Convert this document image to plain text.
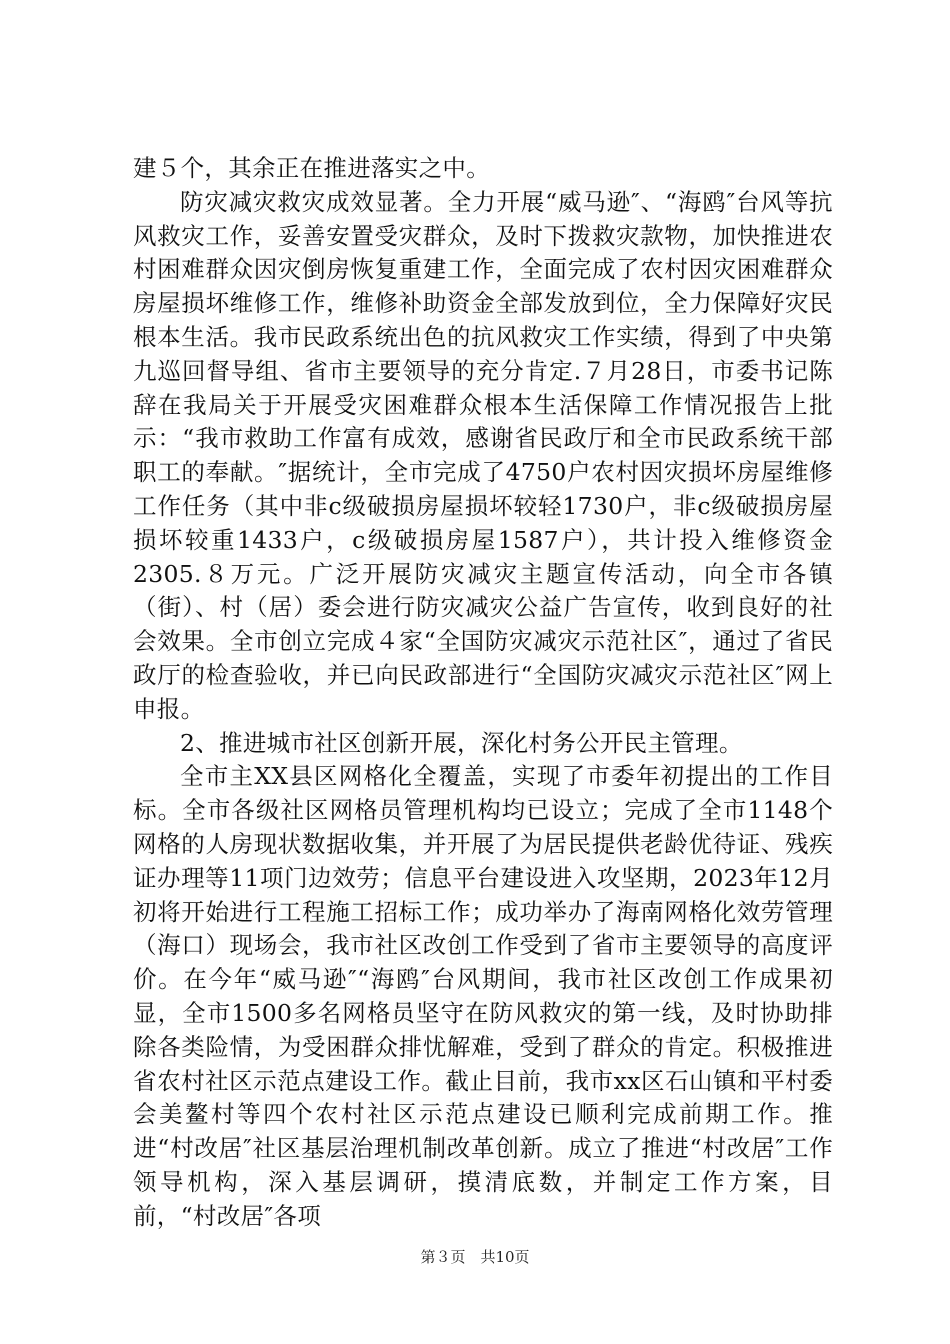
建５个，其余正在推进落实之中。

防灾减灾救灾成效显著。全力开展“威马逊″、“海鸥″台风等抗风救灾工作，妥善安置受灾群众，及时下拨救灾款物，加快推进农村困难群众因灾倒房恢复重建工作，全面完成了农村因灾困难群众房屋损坏维修工作，维修补助资金全部发放到位，全力保障好灾民根本生活。我市民政系统出色的抗风救灾工作实绩，得到了中央第九巡回督导组、省市主要领导的充分肯定.７月28日，市委书记陈辞在我局关于开展受灾困难群众根本生活保障工作情况报告上批示：“我市救助工作富有成效，感谢省民政厅和全市民政系统干部职工的奉献。″据统计，全市完成了4750户农村因灾损坏房屋维修工作任务（其中非c级破损房屋损坏较轻1730户，非c级破损房屋损坏较重1433户，c级破损房屋1587户），共计投入维修资金2305.８万元。广泛开展防灾减灾主题宣传活动，向全市各镇（街）、村（居）委会进行防灾减灾公益广告宣传，收到良好的社会效果。全市创立完成４家“全国防灾减灾示范社区″，通过了省民政厅的检查验收，并已向民政部进行“全国防灾减灾示范社区″网上申报。

2、推进城市社区创新开展，深化村务公开民主管理。

全市主XX县区网格化全覆盖，实现了市委年初提出的工作目标。全市各级社区网格员管理机构均已设立；完成了全市1148个网格的人房现状数据收集，并开展了为居民提供老龄优待证、残疾证办理等11项门边效劳；信息平台建设进入攻坚期，2023年12月初将开始进行工程施工招标工作；成功举办了海南网格化效劳管理（海口）现场会，我市社区改创工作受到了省市主要领导的高度评价。在今年“威马逊″“海鸥″台风期间，我市社区改创工作成果初显，全市1500多名网格员坚守在防风救灾的第一线，及时协助排除各类险情，为受困群众排忧解难，受到了群众的肯定。积极推进省农村社区示范点建设工作。截止目前，我市xx区石山镇和平村委会美鳌村等四个农村社区示范点建设已顺利完成前期工作。推进“村改居″社区基层治理机制改革创新。成立了推进“村改居″工作领导机构，深入基层调研，摸清底数，并制定工作方案，目前，“村改居″各项

第３页　共10页
